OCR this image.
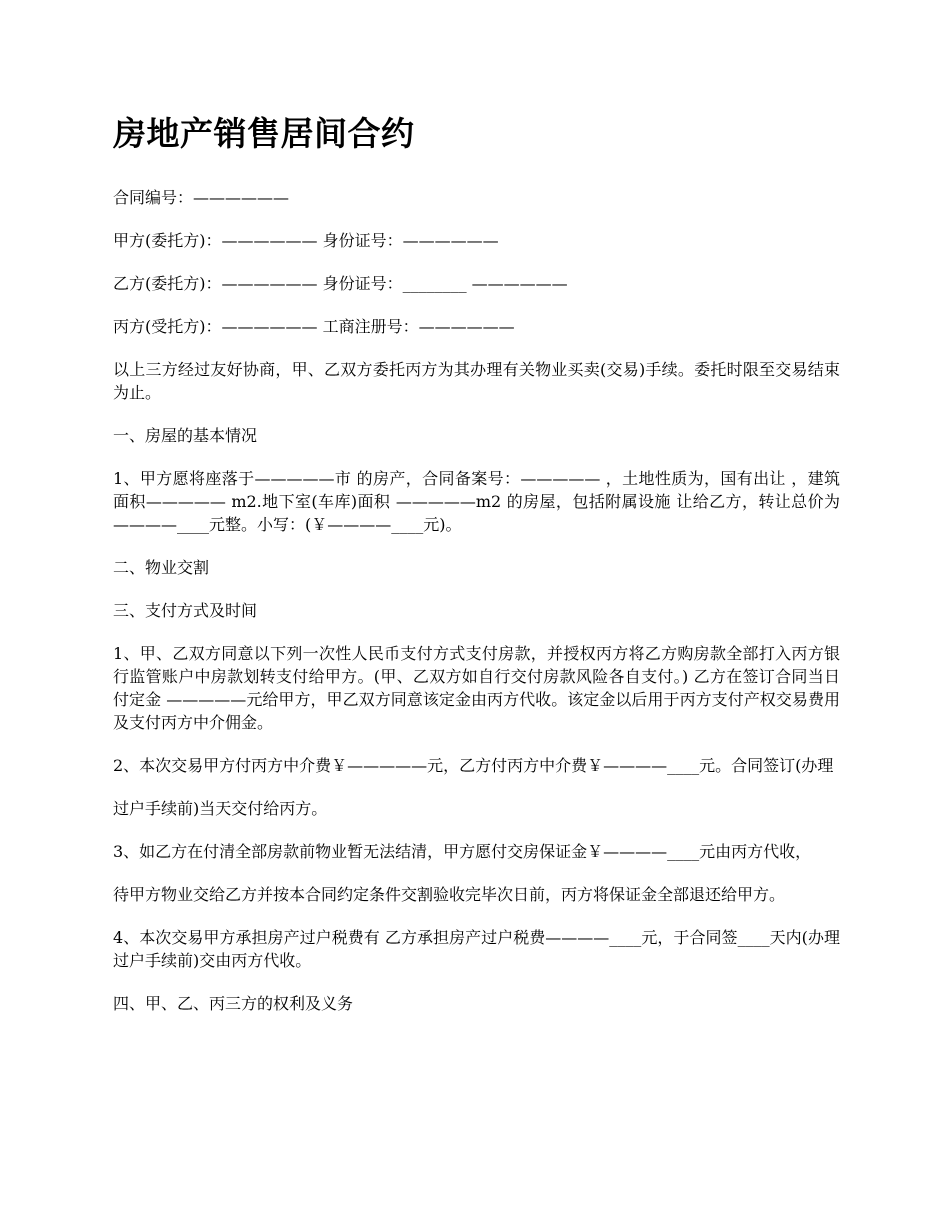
房地产销售居间合约

合同编号：——————

甲方(委托方)：—————— 身份证号：——————

乙方(委托方)：—————— 身份证号：________ ——————

丙方(受托方)：—————— 工商注册号：——————

以上三方经过友好协商，甲、乙双方委托丙方为其办理有关物业买卖(交易)手续。委托时限至交易结束为止。

一、房屋的基本情况

1、甲方愿将座落于—————市 的房产，合同备案号：————— ，土地性质为，国有出让 ，建筑面积————— m2.地下室(车库)面积 —————m2 的房屋，包括附属设施 让给乙方，转让总价为————____元整。小写：(￥————____元)。

二、物业交割

三、支付方式及时间

1、甲、乙双方同意以下列一次性人民币支付方式支付房款，并授权丙方将乙方购房款全部打入丙方银行监管账户中房款划转支付给甲方。(甲、乙双方如自行交付房款风险各自支付。) 乙方在签订合同当日付定金 —————元给甲方，甲乙双方同意该定金由丙方代收。该定金以后用于丙方支付产权交易费用及支付丙方中介佣金。

2、本次交易甲方付丙方中介费￥—————元，乙方付丙方中介费￥————____元。合同签订(办理

过户手续前)当天交付给丙方。

3、如乙方在付清全部房款前物业暂无法结清，甲方愿付交房保证金￥————____元由丙方代收，

待甲方物业交给乙方并按本合同约定条件交割验收完毕次日前，丙方将保证金全部退还给甲方。

4、本次交易甲方承担房产过户税费有 乙方承担房产过户税费————____元，于合同签____天内(办理过户手续前)交由丙方代收。

四、甲、乙、丙三方的权利及义务
